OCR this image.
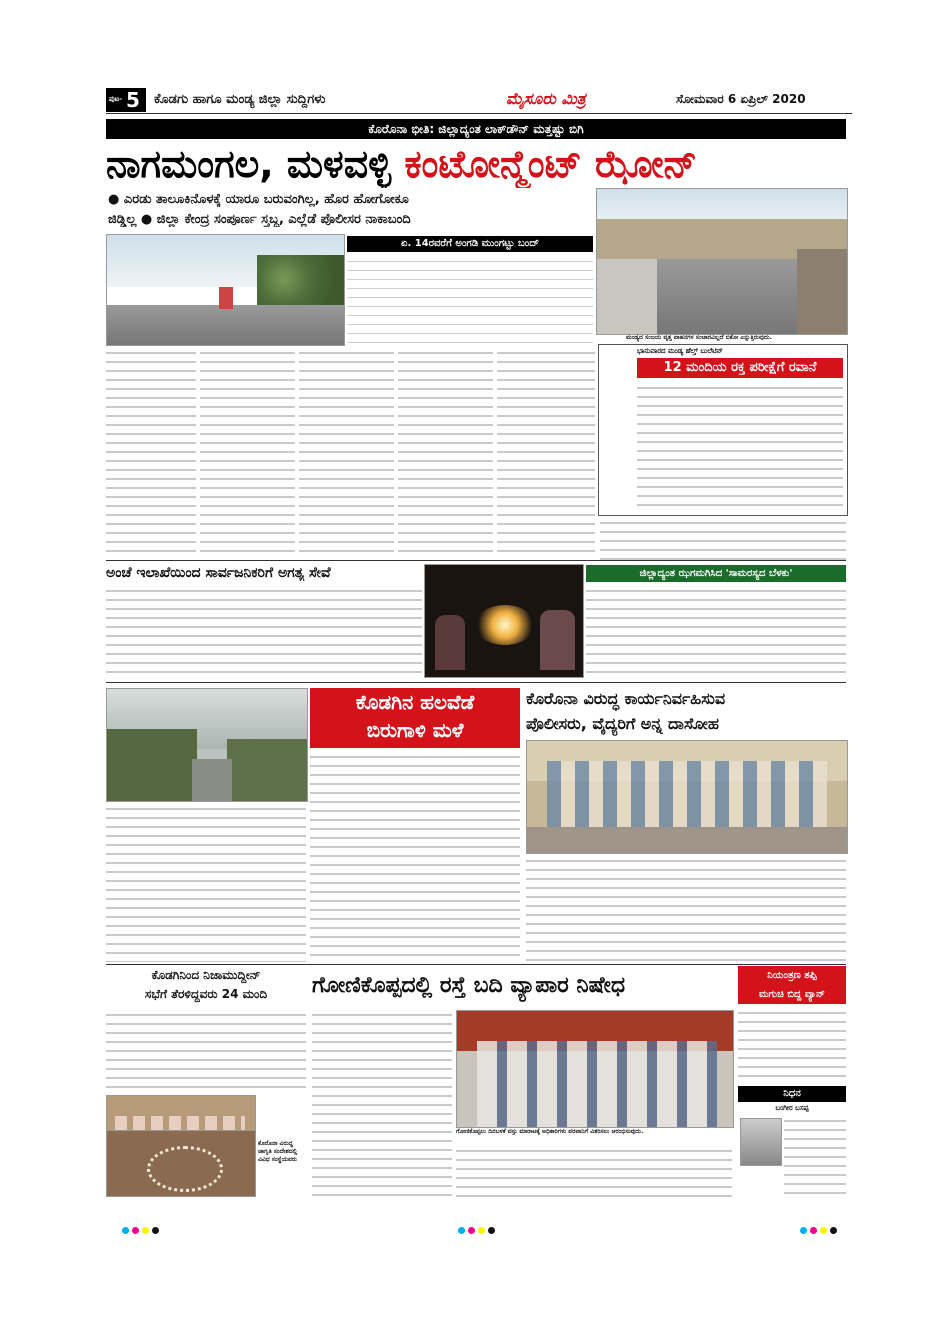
ಪುಟ- 5 ಕೊಡಗು ಹಾಗೂ ಮಂಡ್ಯ ಜಿಲ್ಲಾ ಸುದ್ದಿಗಳು	ಮೈಸೂರು ಮಿತ್ರ	ಸೋಮವಾರ 6 ಏಪ್ರಿಲ್ 2020
ಕೊರೊನಾ ಭೀತಿ: ಜಿಲ್ಲಾದ್ಯಂತ ಲಾಕ್‌ಡೌನ್ ಮತ್ತಷ್ಟು ಬಿಗಿ
ನಾಗಮಂಗಲ, ಮಳವಳ್ಳಿ ಕಂಟೋನ್ಮೆಂಟ್ ಝೋನ್
● ಎರಡು ತಾಲೂಕಿನೊಳಕ್ಕೆ ಯಾರೂ ಬರುವಂಗಿಲ್ಲ, ಹೊರ ಹೋಗೋಕೂ
ಜಿಡ್ಡಿಲ್ಲ ● ಜಿಲ್ಲಾ ಕೇಂದ್ರ ಸಂಪೂರ್ಣ ಸ್ತಬ್ಧ, ಎಲ್ಲೆಡೆ ಪೊಲೀಸರ ನಾಕಾಬಂದಿ
ಮಂಡ್ಯದ ಸಂಜಯ ವೃತ್ತ ವಾಹನಗಳ ಸಂಚಾರವಿಲ್ಲದೆ ಬಿಕೋ ಎನ್ನುತ್ತಿರುವುದು.
ಏ. 14ರವರೆಗೆ ಅಂಗಡಿ ಮುಂಗಟ್ಟು ಬಂದ್
ಭಾನುವಾರದ ಮಂಡ್ಯ ಹೆಲ್ತ್ ಬುಲೆಟಿನ್
12 ಮಂದಿಯ ರಕ್ತ ಪರೀಕ್ಷೆಗೆ ರವಾನೆ
ಅಂಚೆ ಇಲಾಖೆಯಿಂದ ಸಾರ್ವಜನಿಕರಿಗೆ ಅಗತ್ಯ ಸೇವೆ	ಜಿಲ್ಲಾದ್ಯಂತ ಝಗಮಗಿಸಿದ 'ಸಾಮರಸ್ಯದ ಬೆಳಕು'
ಕೊಡಗಿನ ಹಲವೆಡೆ
ಬಿರುಗಾಳಿ ಮಳೆ
ಕೊರೊನಾ ವಿರುದ್ಧ ಕಾರ್ಯನಿರ್ವಹಿಸುವ
ಪೊಲೀಸರು, ವೈದ್ಯರಿಗೆ ಅನ್ನ ದಾಸೋಹ
ಕೊಡಗಿನಿಂದ ನಿಜಾಮುದ್ದೀನ್
ಸಭೆಗೆ ತೆರಳಿದ್ದವರು 24 ಮಂದಿ
ಕೊರೊನಾ ವಿರುದ್ಧ ಜಾಗೃತಿ ಸಂದೇಶದಲ್ಲಿ ವಿವಿಧ ಸಂಸ್ಥೆಯವರು
ಗೋಣಿಕೊಪ್ಪದಲ್ಲಿ ರಸ್ತೆ ಬದಿ ವ್ಯಾಪಾರ ನಿಷೇಧ
ಗೋಣಿಕೊಪ್ಪಲು ದಿನಬಳಕೆ ವಸ್ತು ಮಾರಾಟಕ್ಕೆ ಅಧಿಕಾರಿಗಳು ಪರವಾನಿಗೆ ವಿತರಿಸಲು ಆರಂಭಿಸುವುದು.
ನಿಯಂತ್ರಣ ತಪ್ಪಿ
ಮಗುಚಿ ಬಿದ್ದ ವ್ಯಾನ್
ನಿಧನ
ಬಂಗೀರ ಬಸಪ್ಪ
